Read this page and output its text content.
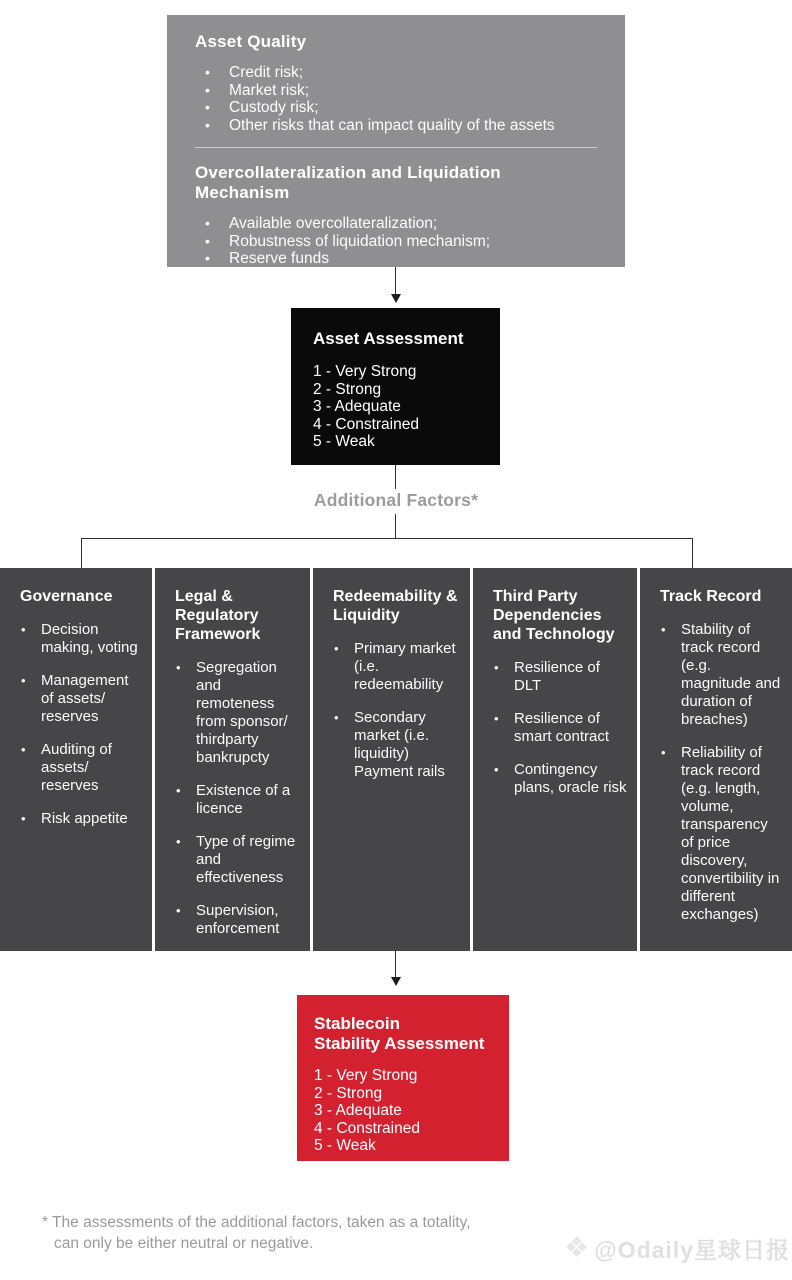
Asset Quality
• Credit risk;
• Market risk;
• Custody risk;
• Other risks that can impact quality of the assets
Overcollateralization and Liquidation Mechanism
• Available overcollateralization;
• Robustness of liquidation mechanism;
• Reserve funds
Asset Assessment
1 - Very Strong
2 - Strong
3 - Adequate
4 - Constrained
5 - Weak
Additional Factors*
Governance
• Decision making, voting
• Management of assets/ reserves
• Auditing of assets/ reserves
• Risk appetite
Legal & Regulatory Framework
• Segregation and remoteness from sponsor/ thirdparty bankrupcty
• Existence of a licence
• Type of regime and effectiveness
• Supervision, enforcement
Redeemability & Liquidity
• Primary market (i.e. redeemability
• Secondary market (i.e. liquidity) Payment rails
Third Party Dependencies and Technology
• Resilience of DLT
• Resilience of smart contract
• Contingency plans, oracle risk
Track Record
• Stability of track record (e.g. magnitude and duration of breaches)
• Reliability of track record (e.g. length, volume, transparency of price discovery, convertibility in different exchanges)
Stablecoin
Stability Assessment
1 - Very Strong
2 - Strong
3 - Adequate
4 - Constrained
5 - Weak

* The assessments of the additional factors, taken as a totality, can only be either neutral or negative.	❖ @Odaily星球日报
